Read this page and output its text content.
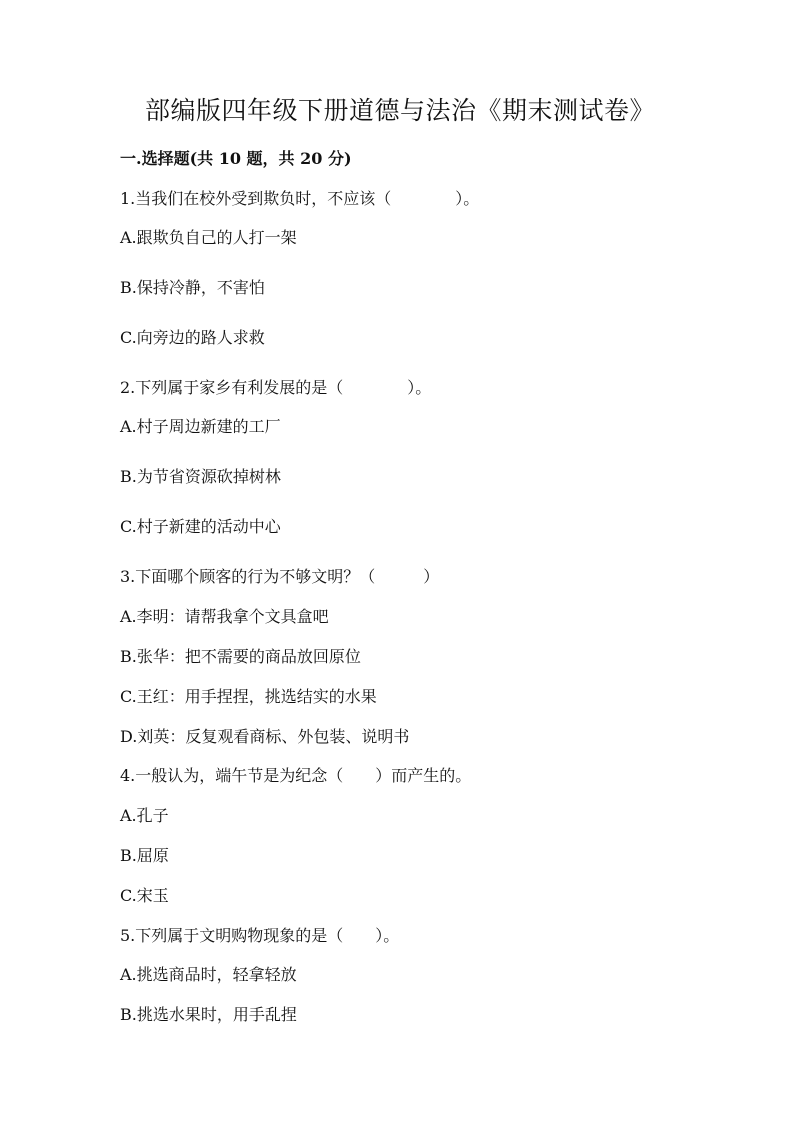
部编版四年级下册道德与法治《期末测试卷》
一.选择题(共 10 题，共 20 分)
1.当我们在校外受到欺负时，不应该（　　　　）。
A.跟欺负自己的人打一架
B.保持冷静，不害怕
C.向旁边的路人求救
2.下列属于家乡有利发展的是（　　　　）。
A.村子周边新建的工厂
B.为节省资源砍掉树林
C.村子新建的活动中心
3.下面哪个顾客的行为不够文明？（　　　）
A.李明：请帮我拿个文具盒吧
B.张华：把不需要的商品放回原位
C.王红：用手捏捏，挑选结实的水果
D.刘英：反复观看商标、外包装、说明书
4.一般认为，端午节是为纪念（　　）而产生的。
A.孔子
B.屈原
C.宋玉
5.下列属于文明购物现象的是（　　）。
A.挑选商品时，轻拿轻放
B.挑选水果时，用手乱捏
